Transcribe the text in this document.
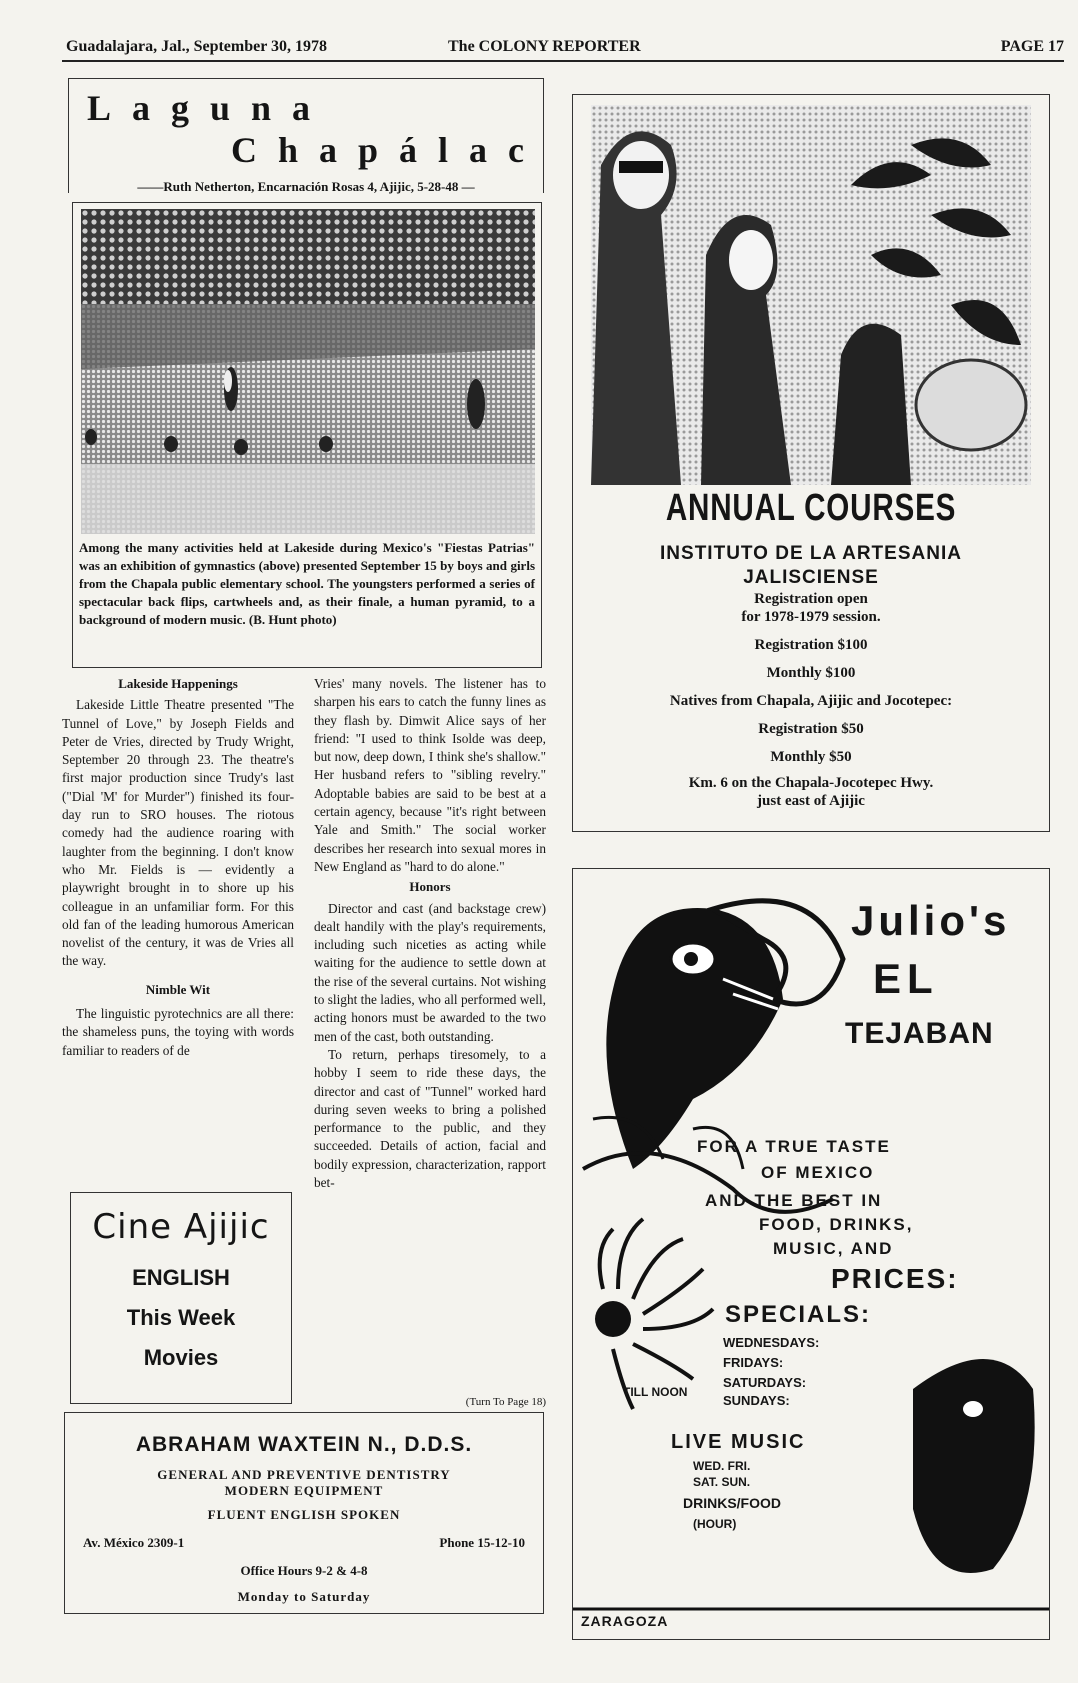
Guadalajara, Jal., September 30, 1978	The COLONY REPORTER	PAGE 17
Laguna
Chapálac
——Ruth Netherton, Encarnación Rosas 4, Ajijic, 5-28-48 —
Among the many activities held at Lakeside during Mexico's "Fiestas Patrias" was an exhibition of gymnastics (above) presented September 15 by boys and girls from the Chapala public elementary school. The youngsters performed a series of spectacular back flips, cartwheels and, as their finale, a human pyramid, to a background of modern music. (B. Hunt photo)
Lakeside Happenings

Lakeside Little Theatre presented "The Tunnel of Love," by Joseph Fields and Peter de Vries, directed by Trudy Wright, September 20 through 23. The theatre's first major production since Trudy's last ("Dial 'M' for Murder") finished its four-day run to SRO houses. The riotous comedy had the audience roaring with laughter from the beginning. I don't know who Mr. Fields is — evidently a playwright brought in to shore up his colleague in an unfamiliar form. For this old fan of the leading humorous American novelist of the century, it was de Vries all the way.

Nimble Wit

The linguistic pyrotechnics are all there: the shameless puns, the toying with words familiar to readers of de

Vries' many novels. The listener has to sharpen his ears to catch the funny lines as they flash by. Dimwit Alice says of her friend: "I used to think Isolde was deep, but now, deep down, I think she's shallow." Her husband refers to "sibling revelry." Adoptable babies are said to be best at a certain agency, because "it's right between Yale and Smith." The social worker describes her research into sexual mores in New England as "hard to do alone."

Honors

Director and cast (and backstage crew) dealt handily with the play's requirements, including such niceties as acting while waiting for the audience to settle down at the rise of the several curtains. Not wishing to slight the ladies, who all performed well, acting honors must be awarded to the two men of the cast, both outstanding.

To return, perhaps tiresomely, to a hobby I seem to ride these days, the director and cast of "Tunnel" worked hard during seven weeks to bring a polished performance to the public, and they succeeded. Details of action, facial and bodily expression, characterization, rapport bet-

(Turn To Page 18)
Cine Ajijic
ENGLISH
This Week
Movies
ABRAHAM WAXTEIN N., D.D.S.
GENERAL AND PREVENTIVE DENTISTRY
MODERN EQUIPMENT
FLUENT ENGLISH SPOKEN
Av. México 2309-1	Phone 15-12-10
Office Hours 9-2 & 4-8
Monday to Saturday
ANNUAL COURSES
INSTITUTO DE LA ARTESANIA
JALISCIENSE
Registration open
for 1978-1979 session.
Registration $100
Monthly $100
Natives from Chapala, Ajijic and Jocotepec:
Registration $50
Monthly $50
Km. 6 on the Chapala-Jocotepec Hwy.
just east of Ajijic
Julio's
EL
TEJABAN
FOR A TRUE TASTE
OF MEXICO
AND THE BEST IN
FOOD, DRINKS,
MUSIC, AND
PRICES:
SPECIALS:
WEDNESDAYS:
FRIDAYS:
SATURDAYS:
SUNDAYS:
TILL NOON
LIVE MUSIC
WED. FRI.
SAT. SUN.
DRINKS/FOOD
(HOUR)
ZARAGOZA
